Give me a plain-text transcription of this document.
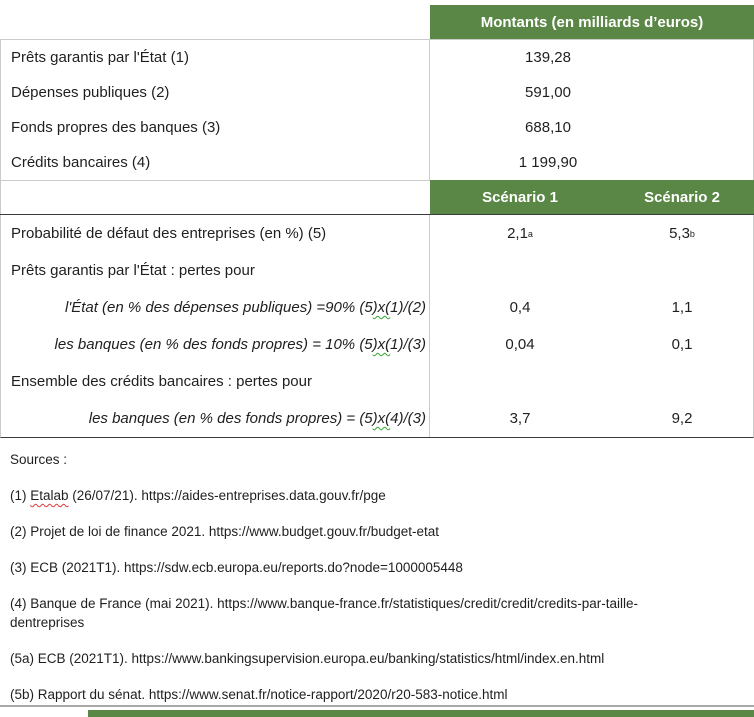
Montants (en milliards d’euros)
Prêts garantis par l'État (1)	139,28
Dépenses publiques (2)	591,00
Fonds propres des banques (3)	688,10
Crédits bancaires (4)	1 199,90
Scénario 1	Scénario 2
Probabilité de défaut des entreprises (en %) (5)	2,1 a	5,3 b
Prêts garantis par l'État : pertes pour
l'État (en % des dépenses publiques) =90% (5 )x( 1)/(2)	0,4	1,1
les banques (en % des fonds propres) = 10% (5 )x( 1)/(3)	0,04	0,1
Ensemble des crédits bancaires : pertes pour
les banques (en % des fonds propres) = (5 )x( 4)/(3)	3,7	9,2
Sources :
(1) Etalab (26/07/21). https://aides-entreprises.data.gouv.fr/pge
(2) Projet de loi de finance 2021. https://www.budget.gouv.fr/budget-etat
(3) ECB (2021T1). https://sdw.ecb.europa.eu/reports.do?node=1000005448
(4) Banque de France (mai 2021). https://www.banque-france.fr/statistiques/credit/credit/credits-par-taille-
dentreprises
(5a) ECB (2021T1). https://www.bankingsupervision.europa.eu/banking/statistics/html/index.en.html
(5b) Rapport du sénat. https://www.senat.fr/notice-rapport/2020/r20-583-notice.html
